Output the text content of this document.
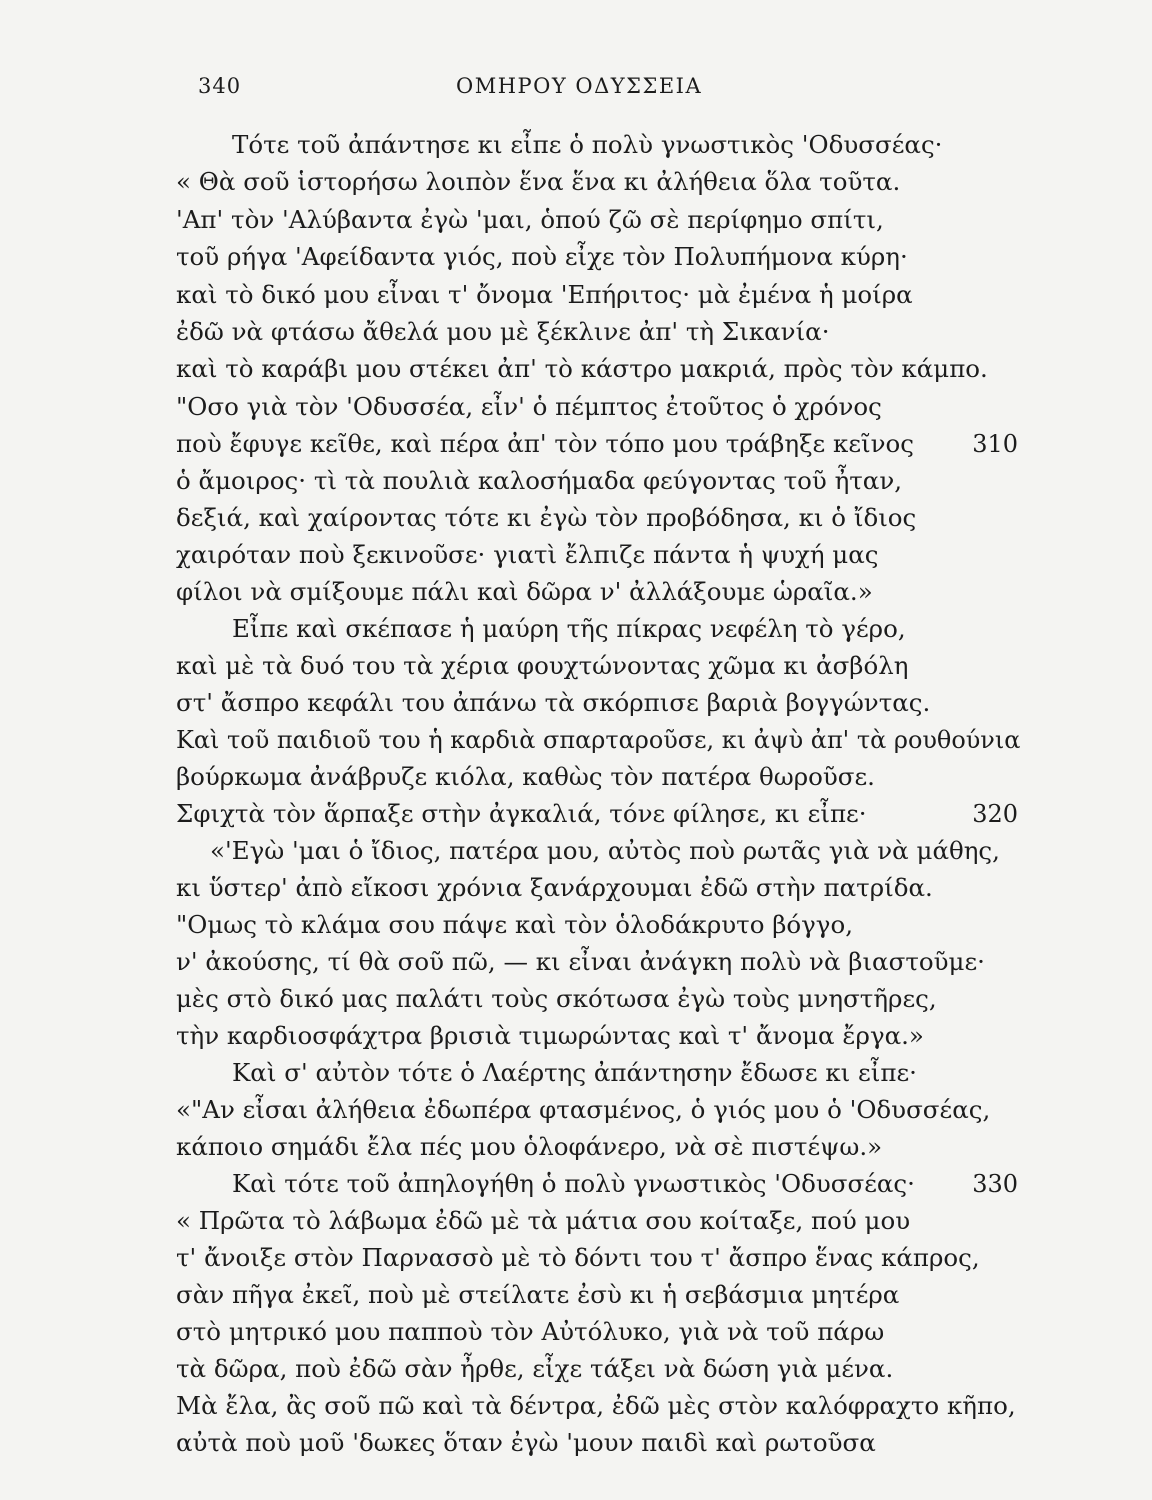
340	ΟΜΗΡΟΥ ΟΔΥΣΣΕΙΑ
Τότε τοῦ ἀπάντησε κι εἶπε ὁ πολὺ γνωστικὸς 'Οδυσσέας·
« Θὰ σοῦ ἱστορήσω λοιπὸν ἕνα ἕνα κι ἀλήθεια ὅλα τοῦτα.
'Απ' τὸν 'Αλύβαντα ἐγὼ 'μαι, ὁπού ζῶ σὲ περίφημο σπίτι,
τοῦ ρήγα 'Αφείδαντα γιός, ποὺ εἶχε τὸν Πολυπήμονα κύρη·
καὶ τὸ δικό μου εἶναι τ' ὄνομα 'Επήριτος· μὰ ἐμένα ἡ μοίρα
ἐδῶ νὰ φτάσω ἄθελά μου μὲ ξέκλινε ἀπ' τὴ Σικανία·
καὶ τὸ καράβι μου στέκει ἀπ' τὸ κάστρο μακριά, πρὸς τὸν κάμπο.
"Οσο γιὰ τὸν 'Οδυσσέα, εἶν' ὁ πέμπτος ἐτοῦτος ὁ χρόνος
ποὺ ἔφυγε κεῖθε, καὶ πέρα ἀπ' τὸν τόπο μου τράβηξε κεῖνος 310
ὁ ἄμοιρος· τὶ τὰ πουλιὰ καλοσήμαδα φεύγοντας τοῦ ἦταν,
δεξιά, καὶ χαίροντας τότε κι ἐγὼ τὸν προβόδησα, κι ὁ ἴδιος
χαιρόταν ποὺ ξεκινοῦσε· γιατὶ ἔλπιζε πάντα ἡ ψυχή μας
φίλοι νὰ σμίξουμε πάλι καὶ δῶρα ν' ἀλλάξουμε ὡραῖα.»
Εἶπε καὶ σκέπασε ἡ μαύρη τῆς πίκρας νεφέλη τὸ γέρο,
καὶ μὲ τὰ δυό του τὰ χέρια φουχτώνοντας χῶμα κι ἀσβόλη
στ' ἄσπρο κεφάλι του ἀπάνω τὰ σκόρπισε βαριὰ βογγώντας.
Καὶ τοῦ παιδιοῦ του ἡ καρδιὰ σπαρταροῦσε, κι ἀψὺ ἀπ' τὰ ρουθούνια
βούρκωμα ἀνάβρυζε κιόλα, καθὼς τὸν πατέρα θωροῦσε.
Σφιχτὰ τὸν ἅρπαξε στὴν ἀγκαλιά, τόνε φίλησε, κι εἶπε·	320
«'Εγὼ 'μαι ὁ ἴδιος, πατέρα μου, αὐτὸς ποὺ ρωτᾶς γιὰ νὰ μάθης,
κι ὕστερ' ἀπὸ εἴκοσι χρόνια ξανάρχουμαι ἐδῶ στὴν πατρίδα.
"Ομως τὸ κλάμα σου πάψε καὶ τὸν ὁλοδάκρυτο βόγγο,
ν' ἀκούσης, τί θὰ σοῦ πῶ, — κι εἶναι ἀνάγκη πολὺ νὰ βιαστοῦμε·
μὲς στὸ δικό μας παλάτι τοὺς σκότωσα ἐγὼ τοὺς μνηστῆρες,
τὴν καρδιοσφάχτρα βρισιὰ τιμωρώντας καὶ τ' ἄνομα ἔργα.»
Καὶ σ' αὐτὸν τότε ὁ Λαέρτης ἀπάντησην ἔδωσε κι εἶπε·
«"Αν εἶσαι ἀλήθεια ἐδωπέρα φτασμένος, ὁ γιός μου ὁ 'Οδυσσέας,
κάποιο σημάδι ἔλα πές μου ὁλοφάνερο, νὰ σὲ πιστέψω.»
Καὶ τότε τοῦ ἀπηλογήθη ὁ πολὺ γνωστικὸς 'Οδυσσέας· 330
« Πρῶτα τὸ λάβωμα ἐδῶ μὲ τὰ μάτια σου κοίταξε, πού μου
τ' ἄνοιξε στὸν Παρνασσὸ μὲ τὸ δόντι του τ' ἄσπρο ἕνας κάπρος,
σὰν πῆγα ἐκεῖ, ποὺ μὲ στείλατε ἐσὺ κι ἡ σεβάσμια μητέρα
στὸ μητρικό μου παπποὺ τὸν Αὐτόλυκο, γιὰ νὰ τοῦ πάρω
τὰ δῶρα, ποὺ ἐδῶ σὰν ἦρθε, εἶχε τάξει νὰ δώση γιὰ μένα.
Μὰ ἔλα, ἂς σοῦ πῶ καὶ τὰ δέντρα, ἐδῶ μὲς στὸν καλόφραχτο κῆπο,
αὐτὰ ποὺ μοῦ 'δωκες ὅταν ἐγὼ 'μουν παιδὶ καὶ ρωτοῦσα
